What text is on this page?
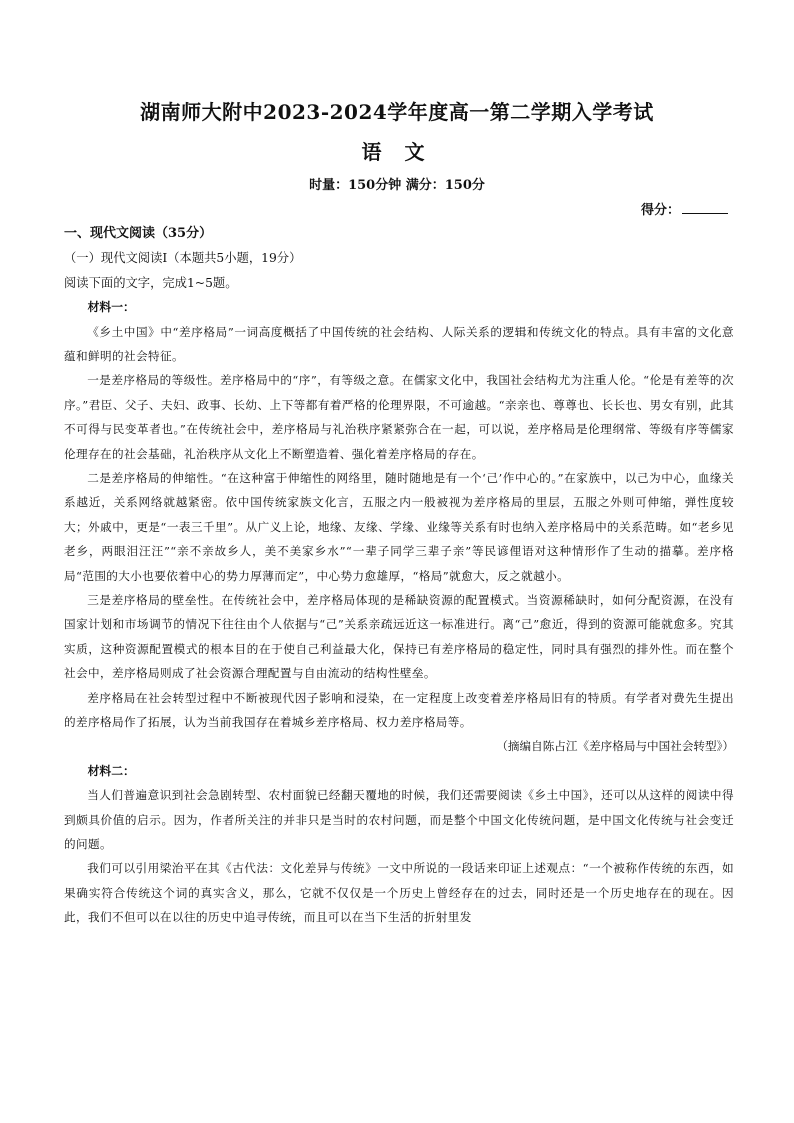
湖南师大附中2023-2024学年度高一第二学期入学考试
语 文
时量：150分钟 满分：150分
得分：
一、现代文阅读（35分）
（一）现代文阅读Ⅰ（本题共5小题，19分）
阅读下面的文字，完成1~5题。
材料一：

《乡土中国》中“差序格局”一词高度概括了中国传统的社会结构、人际关系的逻辑和传统文化的特点。具有丰富的文化意蕴和鲜明的社会特征。

一是差序格局的等级性。差序格局中的“序”，有等级之意。在儒家文化中，我国社会结构尤为注重人伦。“伦是有差等的次序。”君臣、父子、夫妇、政事、长幼、上下等都有着严格的伦理界限，不可逾越。“亲亲也、尊尊也、长长也、男女有别，此其不可得与民变革者也。”在传统社会中，差序格局与礼治秩序紧紧弥合在一起，可以说，差序格局是伦理纲常、等级有序等儒家伦理存在的社会基础，礼治秩序从文化上不断塑造着、强化着差序格局的存在。

二是差序格局的伸缩性。“在这种富于伸缩性的网络里，随时随地是有一个‘己’作中心的。”在家族中，以己为中心，血缘关系越近，关系网络就越紧密。依中国传统家族文化言，五服之内一般被视为差序格局的里层，五服之外则可伸缩，弹性度较大；外戚中，更是“一表三千里”。从广义上论，地缘、友缘、学缘、业缘等关系有时也纳入差序格局中的关系范畴。如“老乡见老乡，两眼泪汪汪”“亲不亲故乡人，美不美家乡水”“一辈子同学三辈子亲”等民谚俚语对这种情形作了生动的描摹。差序格局“范围的大小也要依着中心的势力厚薄而定”，中心势力愈雄厚，“格局”就愈大，反之就越小。

三是差序格局的壁垒性。在传统社会中，差序格局体现的是稀缺资源的配置模式。当资源稀缺时，如何分配资源，在没有国家计划和市场调节的情况下往往由个人依据与“己”关系亲疏远近这一标准进行。离“己”愈近，得到的资源可能就愈多。究其实质，这种资源配置模式的根本目的在于使自己利益最大化，保持已有差序格局的稳定性，同时具有强烈的排外性。而在整个社会中，差序格局则成了社会资源合理配置与自由流动的结构性壁垒。

差序格局在社会转型过程中不断被现代因子影响和浸染，在一定程度上改变着差序格局旧有的特质。有学者对费先生提出的差序格局作了拓展，认为当前我国存在着城乡差序格局、权力差序格局等。

（摘编自陈占江《差序格局与中国社会转型》）
材料二：

当人们普遍意识到社会急剧转型、农村面貌已经翻天覆地的时候，我们还需要阅读《乡土中国》，还可以从这样的阅读中得到颇具价值的启示。因为，作者所关注的并非只是当时的农村问题，而是整个中国文化传统问题，是中国文化传统与社会变迁的问题。

我们可以引用梁治平在其《古代法：文化差异与传统》一文中所说的一段话来印证上述观点：“一个被称作传统的东西，如果确实符合传统这个词的真实含义，那么，它就不仅仅是一个历史上曾经存在的过去，同时还是一个历史地存在的现在。因此，我们不但可以在以往的历史中追寻传统，而且可以在当下生活的折射里发
